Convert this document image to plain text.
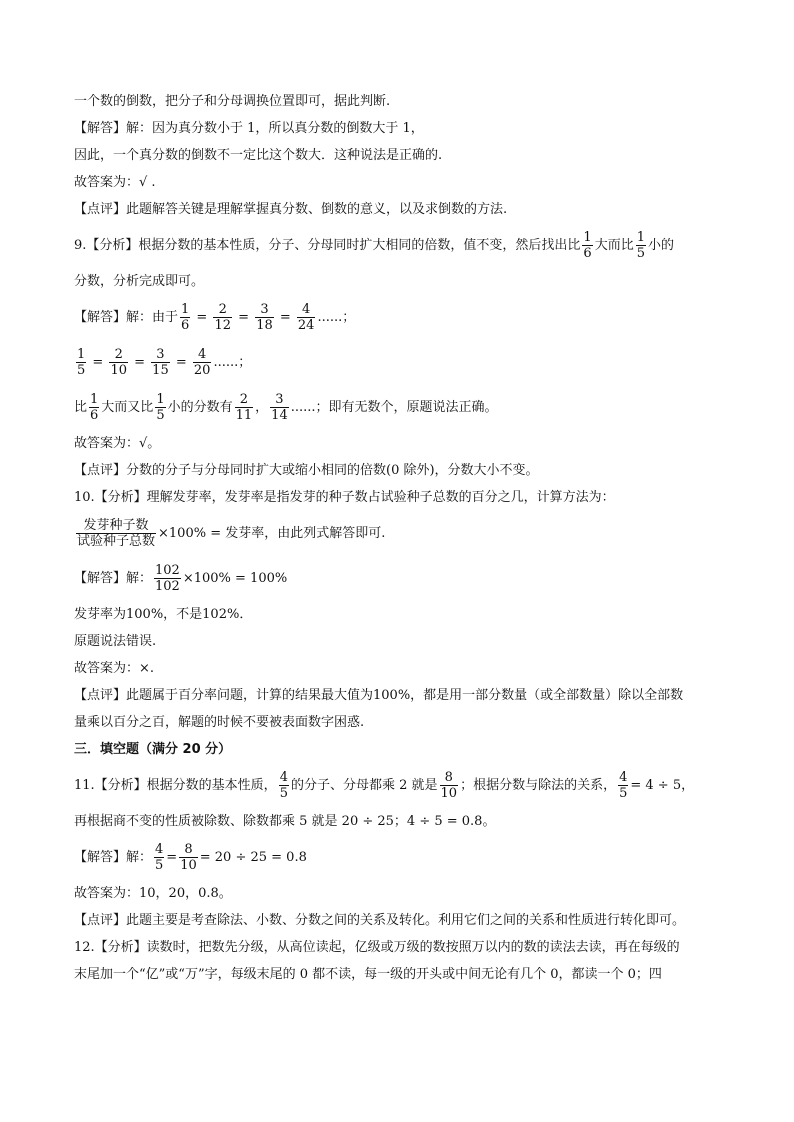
一个数的倒数，把分子和分母调换位置即可，据此判断.
【解答】解：因为真分数小于 1，所以真分数的倒数大于 1，
因此，一个真分数的倒数不一定比这个数大．这种说法是正确的.
故答案为：√ .
【点评】此题解答关键是理解掌握真分数、倒数的意义，以及求倒数的方法.
9.【分析】根据分数的基本性质，分子、分母同时扩大相同的倍数，值不变，然后找出比 $\frac{1}{6}$ 大而比 $\frac{1}{5}$ 小的
分数，分析完成即可。
【解答】解：由于 $\frac{1}{6} = \frac{2}{12} = \frac{3}{18} = \frac{4}{24}$ ......；
$\frac{1}{5} = \frac{2}{10} = \frac{3}{15} = \frac{4}{20}$ ......；
比 $\frac{1}{6}$ 大而又比 $\frac{1}{5}$ 小的分数有 $\frac{2}{11}$ ， $\frac{3}{14}$ ......；即有无数个，原题说法正确。
故答案为：√。
【点评】分数的分子与分母同时扩大或缩小相同的倍数(0 除外)，分数大小不变。
10.【分析】理解发芽率，发芽率是指发芽的种子数占试验种子总数的百分之几，计算方法为：
$\frac{\text{发芽种子数}}{\text{试验种子总数}} \times 100\%$ = 发芽率，由此列式解答即可.
【解答】解： $\frac{102}{102} \times 100\% = 100\%$
发芽率为100%，不是102%．
原题说法错误.
故答案为：×.
【点评】此题属于百分率问题，计算的结果最大值为100%，都是用一部分数量（或全部数量）除以全部数
量乘以百分之百，解题的时候不要被表面数字困惑.
三．填空题（满分 20 分）
11.【分析】根据分数的基本性质， $\frac{4}{5}$ 的分子、分母都乘 2 就是 $\frac{8}{10}$ ；根据分数与除法的关系， $\frac{4}{5} = 4 \div 5$，
再根据商不变的性质被除数、除数都乘 5 就是 20 ÷ 25；4 ÷ 5 = 0.8。
【解答】解： $\frac{4}{5} = \frac{8}{10} = 20 \div 25 = 0.8$
故答案为：10，20，0.8。
【点评】此题主要是考查除法、小数、分数之间的关系及转化。利用它们之间的关系和性质进行转化即可。
12.【分析】读数时，把数先分级，从高位读起，亿级或万级的数按照万以内的数的读法去读，再在每级的
末尾加一个“亿”或“万”字，每级末尾的 0 都不读，每一级的开头或中间无论有几个 0，都读一个 0；四
